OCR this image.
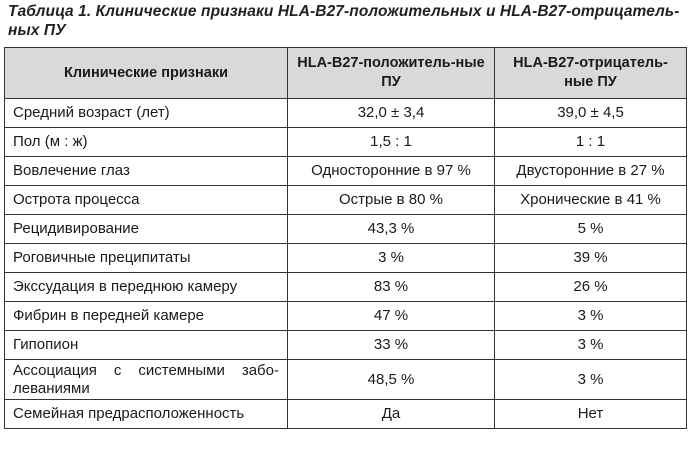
Таблица 1. Клинические признаки HLA-B27-положительных и HLA-B27-отрицатель-ных ПУ
Клинические признаки	HLA-B27-положитель-ные ПУ	HLA-B27-отрицатель-ные ПУ
Средний возраст (лет)	32,0 ± 3,4	39,0 ± 4,5
Пол (м : ж)	1,5 : 1	1 : 1
Вовлечение глаз	Односторонние в 97 %	Двусторонние в 27 %
Острота процесса	Острые в 80 %	Хронические в 41 %
Рецидивирование	43,3 %	5 %
Роговичные преципитаты	3 %	39 %
Экссудация в переднюю камеру	83 %	26 %
Фибрин в передней камере	47 %	3 %
Гипопион	33 %	3 %
Ассоциация с системными забо-леваниями	48,5 %	3 %
Семейная предрасположенность	Да	Нет
